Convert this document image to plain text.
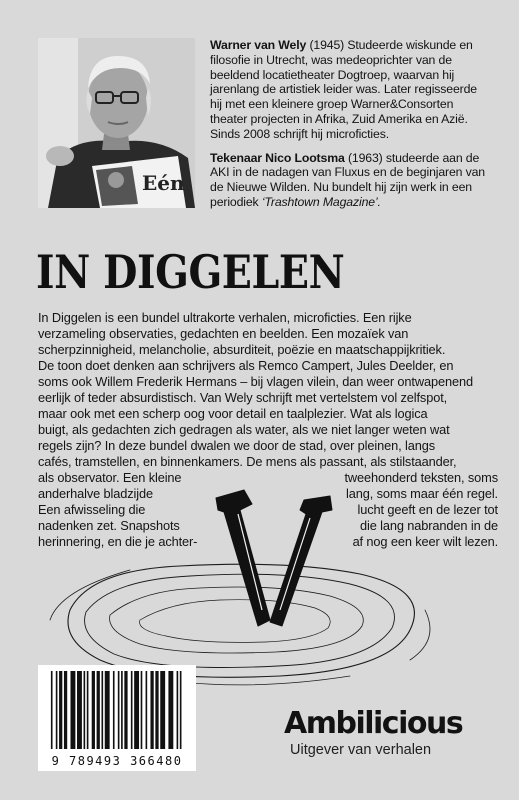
Eén

Warner van Wely (1945) Studeerde wiskunde en filosofie in Utrecht, was medeoprichter van de beeldend locatietheater Dogtroep, waarvan hij jarenlang de artistiek leider was. Later regisseerde hij met een kleinere groep Warner&Consorten theater projecten in Afrika, Zuid Amerika en Azië. Sinds 2008 schrijft hij microficties.

Tekenaar Nico Lootsma (1963) studeerde aan de AKI in de nadagen van Fluxus en de beginjaren van de Nieuwe Wilden. Nu bundelt hij zijn werk in een periodiek ‘Trashtown Magazine’.

IN DIGGELEN
In Diggelen is een bundel ultrakorte verhalen, microficties. Een rijke
verzameling observaties, gedachten en beelden. Een mozaïek van
scherpzinnigheid, melancholie, absurditeit, poëzie en maatschappijkritiek.
De toon doet denken aan schrijvers als Remco Campert, Jules Deelder, en
soms ook Willem Frederik Hermans – bij vlagen vilein, dan weer ontwapenend
eerlijk of teder absurdistisch. Van Wely schrijft met vertelstem vol zelfspot,
maar ook met een scherp oog voor detail en taalplezier. Wat als logica
buigt, als gedachten zich gedragen als water, als we niet langer weten wat
regels zijn? In deze bundel dwalen we door de stad, over pleinen, langs
cafés, tramstellen, en binnenkamers. De mens als passant, als stilstaander,
als observator. Een kleine	tweehonderd teksten, soms
anderhalve bladzijde	lang, soms maar één regel.
Een afwisseling die	lucht geeft en de lezer tot
nadenken zet. Snapshots	die lang nabranden in de
herinnering, en die je achter-	af nog een keer wilt lezen.
9 789493 366480
Ambilicious
Uitgever van verhalen
